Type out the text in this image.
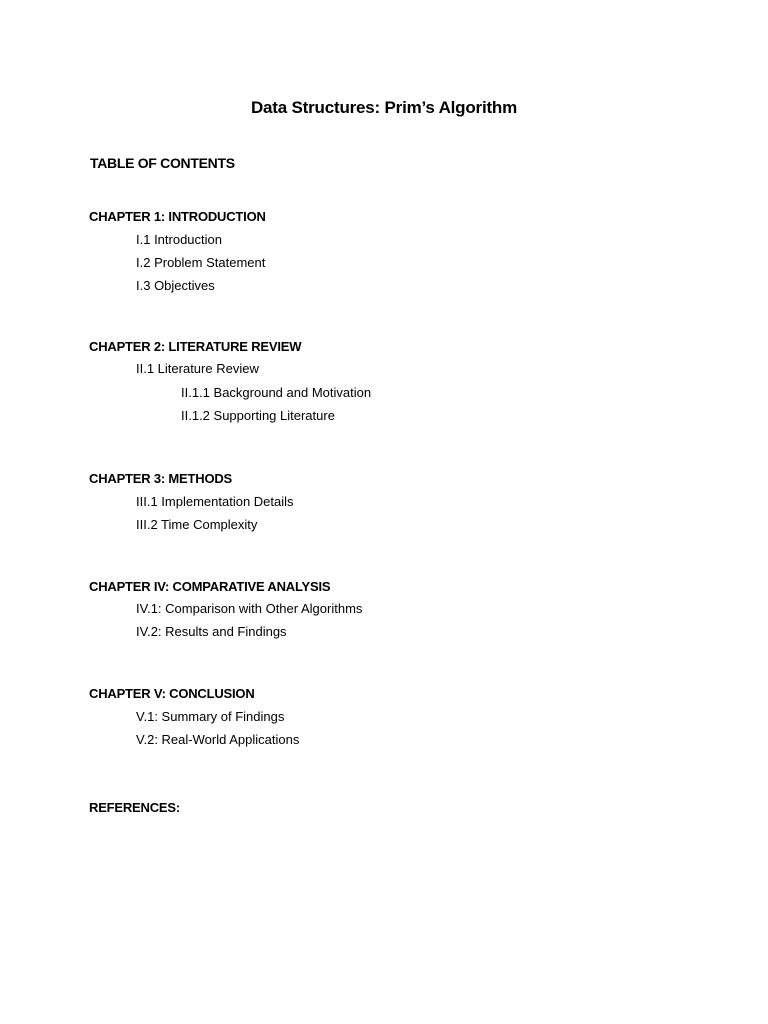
Data Structures: Prim’s Algorithm
TABLE OF CONTENTS
CHAPTER 1: INTRODUCTION
I.1 Introduction
I.2 Problem Statement
I.3 Objectives
CHAPTER 2: LITERATURE REVIEW
II.1 Literature Review
II.1.1 Background and Motivation
II.1.2 Supporting Literature
CHAPTER 3: METHODS
III.1 Implementation Details
III.2 Time Complexity
CHAPTER IV: COMPARATIVE ANALYSIS
IV.1: Comparison with Other Algorithms
IV.2: Results and Findings
CHAPTER V: CONCLUSION
V.1: Summary of Findings
V.2: Real-World Applications
REFERENCES:
